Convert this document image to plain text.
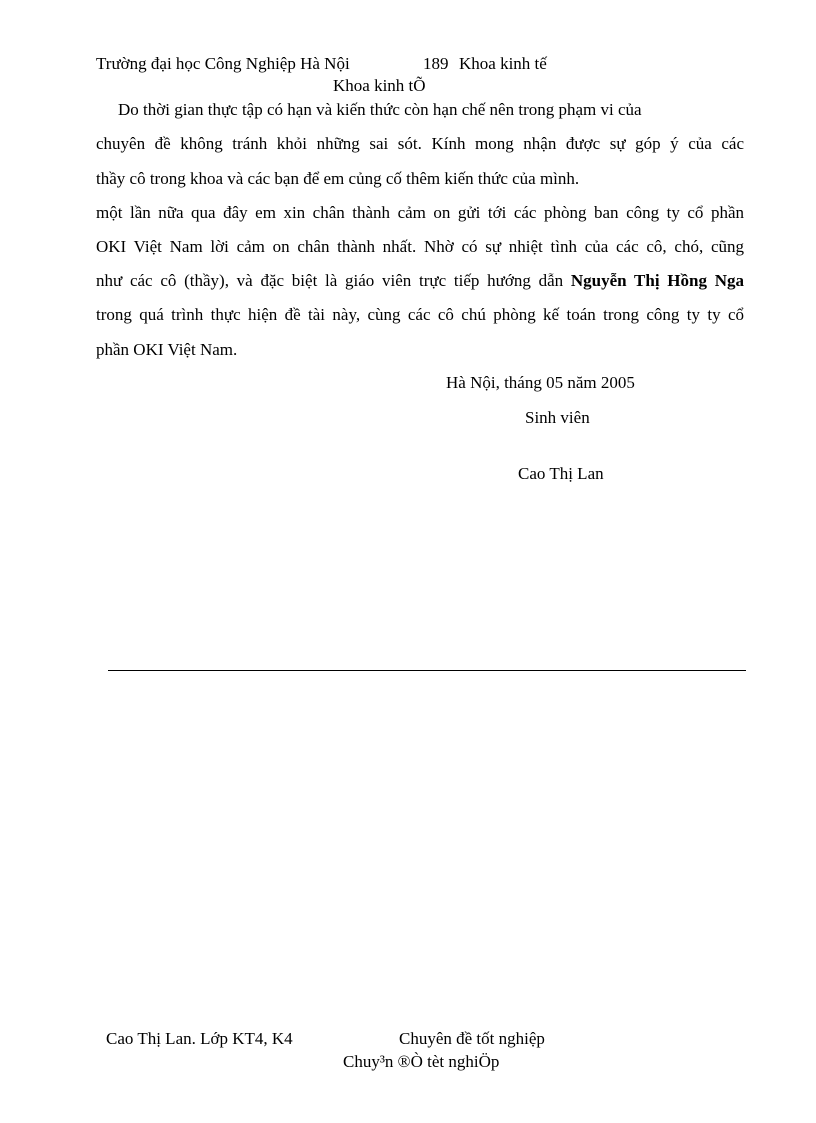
Trường đại học Công Nghiệp Hà Nội	189 Khoa kinh tế
Khoa kinh tÕ
Do thời gian thực tập có hạn và kiến thức còn hạn chế nên trong phạm vi của
chuyên đề không tránh khỏi những sai sót. Kính mong nhận được sự góp ý của các
thầy cô trong khoa và các bạn để em củng cố thêm kiến thức của mình.
một lần nữa qua đây em xin chân thành cảm on gửi tới các phòng ban công ty cổ phần
OKI Việt Nam lời cảm on chân thành nhất. Nhờ có sự nhiệt tình của các cô, chó, cũng
như các cô (thầy), và đặc biệt là giáo viên trực tiếp hướng dẫn Nguyễn Thị Hồng Nga
trong quá trình thực hiện đề tài này, cùng các cô chú phòng kế toán trong công ty ty cổ
phần OKI Việt Nam.
Hà Nội, tháng 05 năm 2005
Sinh viên
Cao Thị Lan
Cao Thị Lan. Lớp KT4, K4	Chuyên đề tốt nghiệp
Chuy³n ®Ò tèt nghiÖp
